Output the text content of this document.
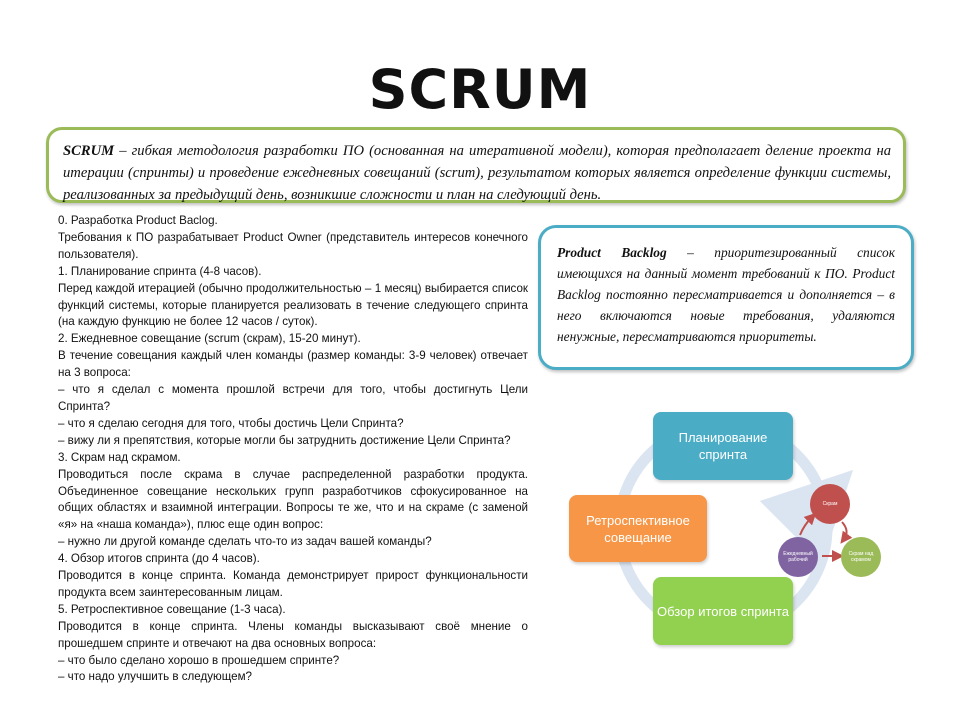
SCRUM
SCRUM – гибкая методология разработки ПО (основанная на итеративной модели), которая предполагает деление проекта на итерации (спринты) и проведение ежедневных совещаний (scrum), результатом которых является определение функции системы, реализованных за предыдущий день, возникшие сложности и план на следующий день.

0. Разработка Product Baclog.

Требования к ПО разрабатывает Product Owner (представитель интересов конечного пользователя).

1. Планирование спринта (4-8 часов).

Перед каждой итерацией (обычно продолжительностью – 1 месяц) выбирается список функций системы, которые планируется реализовать в течение следующего спринта (на каждую функцию не более 12 часов / суток).

2. Ежедневное совещание (scrum (скрам), 15-20 минут).

В течение совещания каждый член команды (размер команды: 3-9 человек) отвечает на 3 вопроса:

– что я сделал с момента прошлой встречи для того, чтобы достигнуть Цели Спринта?

– что я сделаю сегодня для того, чтобы достичь Цели Спринта?

– вижу ли я препятствия, которые могли бы затруднить достижение Цели Спринта?

3. Скрам над скрамом.

Проводиться после скрама в случае распределенной разработки продукта. Объединенное совещание нескольких групп разработчиков сфокусированное на общих областях и взаимной интеграции. Вопросы те же, что и на скраме (с заменой «я» на «наша команда»), плюс еще один вопрос:

– нужно ли другой команде сделать что-то из задач вашей команды?

4. Обзор итогов спринта (до 4 часов).

Проводится в конце спринта. Команда демонстрирует прирост функциональности продукта всем заинтересованным лицам.

5. Ретроспективное совещание (1-3 часа).

Проводится в конце спринта. Члены команды высказывают своё мнение о прошедшем спринте и отвечают на два основных вопроса:

– что было сделано хорошо в прошедшем спринте?

– что надо улучшить в следующем?

Product Backlog – приоритезированный список имеющихся на данный момент требований к ПО. Product Backlog постоянно пересматривается и дополняется – в него включаются новые требования, удаляются ненужные, пересматриваются приоритеты.
Планирование спринта
Ретроспективное совещание
Обзор итогов спринта
Скрам
Ежедневный рабочий
Скрам над скрамом
